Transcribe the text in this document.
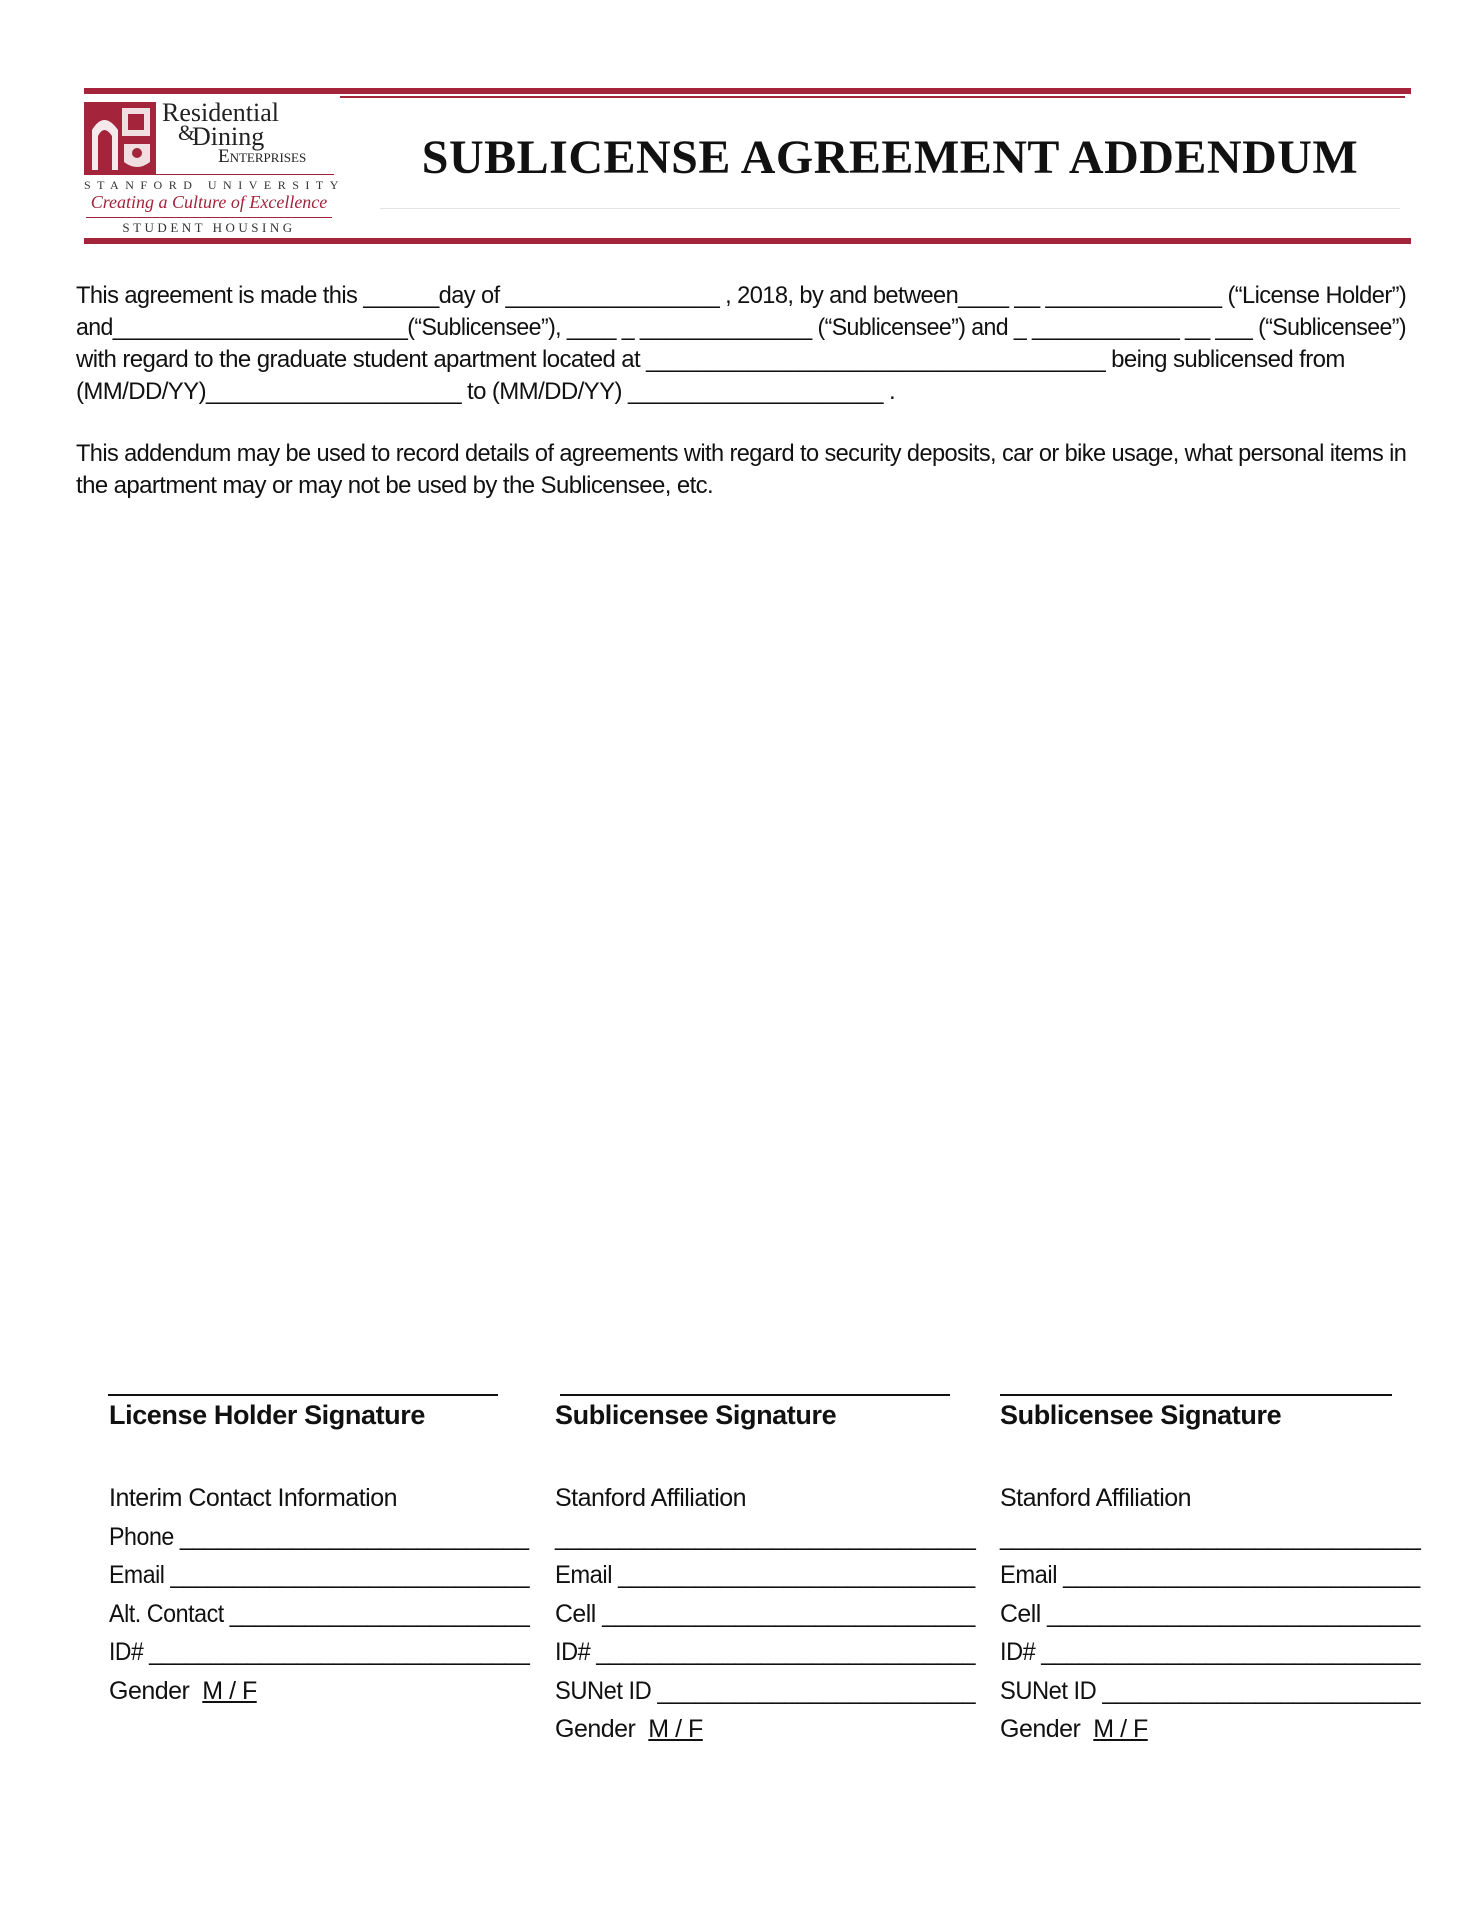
Residential
&
Dining
Enterprises
STANFORD UNIVERSITY
Creating a Culture of Excellence
STUDENT HOUSING
SUBLICENSE AGREEMENT ADDENDUM
This agreement is made this ______day of _________________ , 2018, by and between____ __ ______________ (“License Holder”)
and________________________(“Sublicensee”), ____ _ ______________ (“Sublicensee”) and _ ____________ __ ___ (“Sublicensee”)
with regard to the graduate student apartment located at ____________________________________ being sublicensed from
(MM/DD/YY)____________________ to (MM/DD/YY) ____________________ .
This addendum may be used to record details of agreements with regard to security deposits, car or bike usage, what personal items in
the apartment may or may not be used by the Sublicensee, etc.
License Holder Signature
Interim Contact Information
Phone ____________________________
Email _____________________________
Alt. Contact ________________________
ID# _______________________________
Gender M / F
Sublicensee Signature
Stanford Affiliation
_________________________________
Email ____________________________
Cell ____________________________
ID# ______________________________
SUNet ID _________________________
Gender M / F
Sublicensee Signature
Stanford Affiliation
_________________________________
Email ____________________________
Cell ____________________________
ID# ______________________________
SUNet ID _________________________
Gender M / F
